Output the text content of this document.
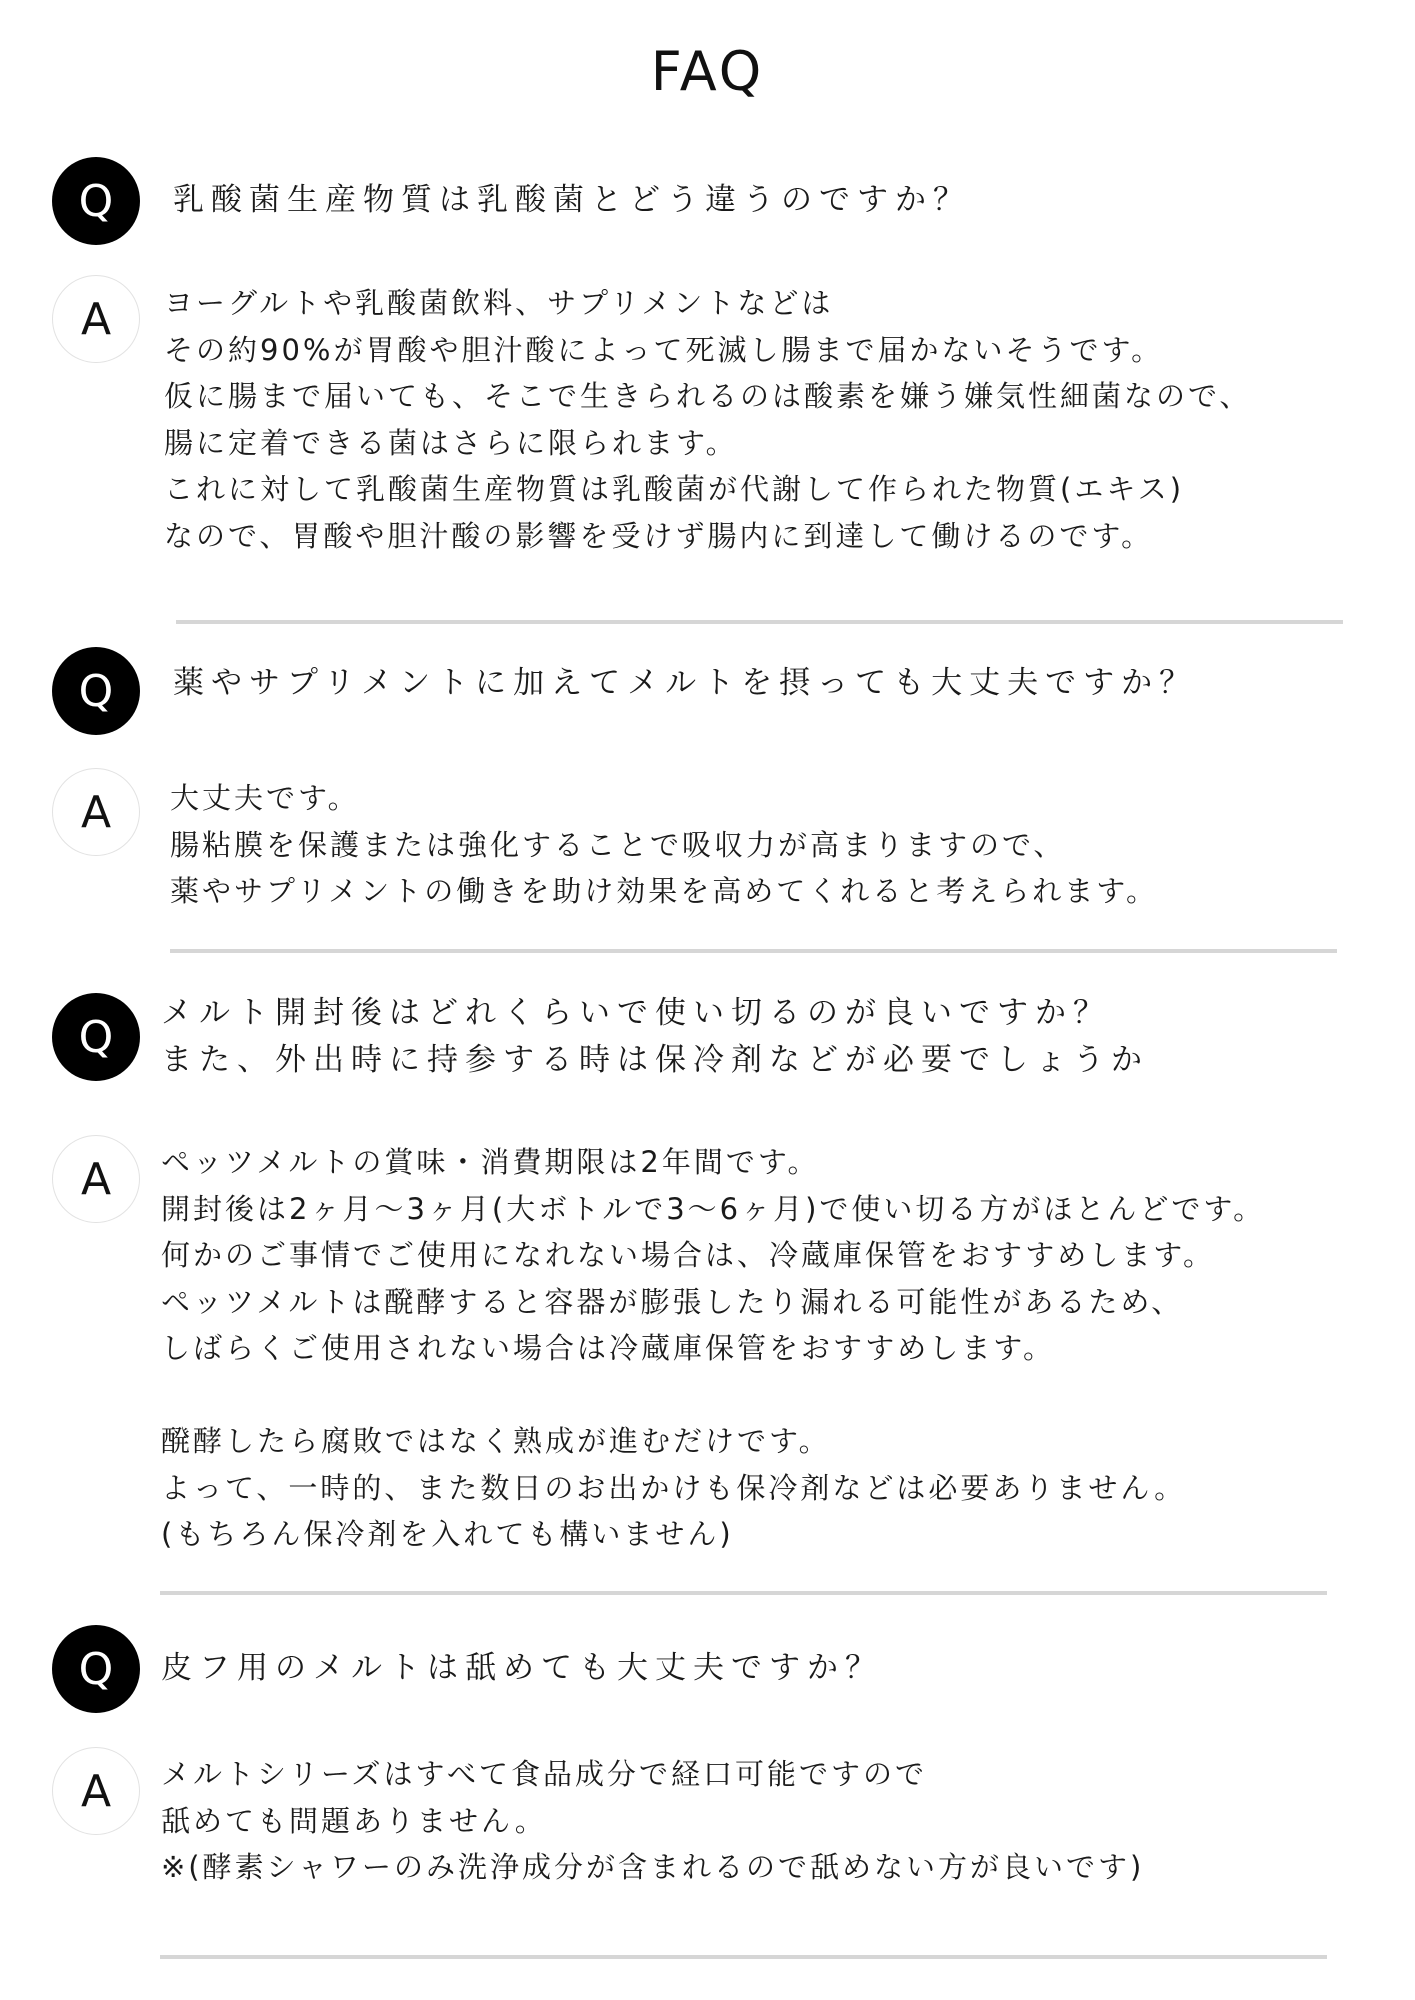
FAQ
Q	乳酸菌生産物質は乳酸菌とどう違うのですか？
A	ヨーグルトや乳酸菌飲料、サプリメントなどは
その約90%が胃酸や胆汁酸によって死滅し腸まで届かないそうです。
仮に腸まで届いても、そこで生きられるのは酸素を嫌う嫌気性細菌なので、
腸に定着できる菌はさらに限られます。
これに対して乳酸菌生産物質は乳酸菌が代謝して作られた物質(エキス)
なので、胃酸や胆汁酸の影響を受けず腸内に到達して働けるのです。
Q	薬やサプリメントに加えてメルトを摂っても大丈夫ですか？
A	大丈夫です。
腸粘膜を保護または強化することで吸収力が高まりますので、
薬やサプリメントの働きを助け効果を高めてくれると考えられます。
Q	メルト開封後はどれくらいで使い切るのが良いですか？
また、外出時に持参する時は保冷剤などが必要でしょうか
A	ペッツメルトの賞味・消費期限は2年間です。
開封後は2ヶ月〜3ヶ月(大ボトルで3〜6ヶ月)で使い切る方がほとんどです。
何かのご事情でご使用になれない場合は、冷蔵庫保管をおすすめします。
ペッツメルトは醗酵すると容器が膨張したり漏れる可能性があるため、
しばらくご使用されない場合は冷蔵庫保管をおすすめします。
醗酵したら腐敗ではなく熟成が進むだけです。
よって、一時的、また数日のお出かけも保冷剤などは必要ありません。
(もちろん保冷剤を入れても構いません)
Q	皮フ用のメルトは舐めても大丈夫ですか？
A	メルトシリーズはすべて食品成分で経口可能ですので
舐めても問題ありません。
※(酵素シャワーのみ洗浄成分が含まれるので舐めない方が良いです)
